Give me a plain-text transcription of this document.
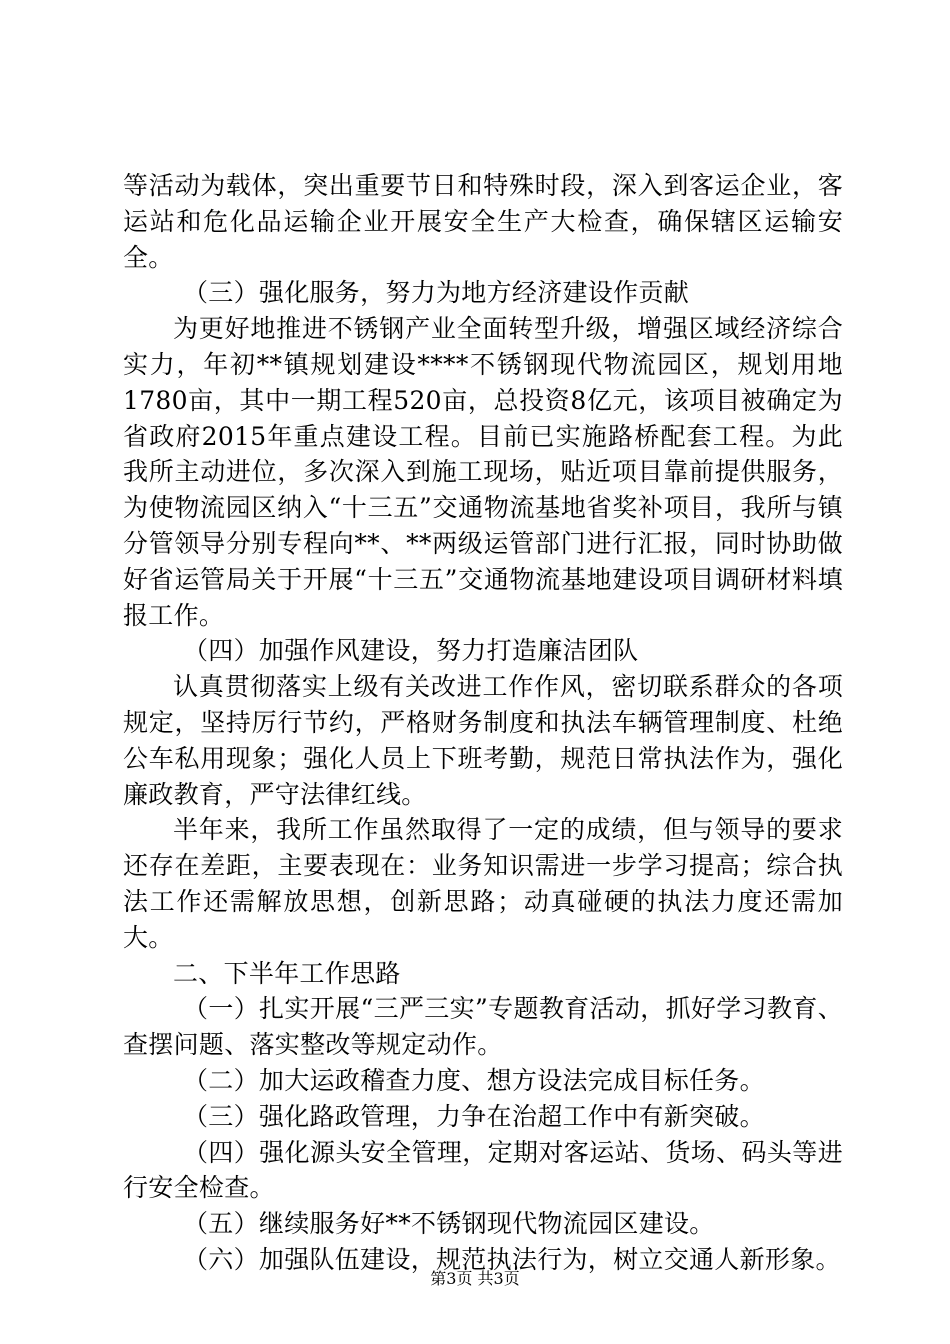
等活动为载体，突出重要节日和特殊时段，深入到客运企业，客运站和危化品运输企业开展安全生产大检查，确保辖区运输安全。

（三）强化服务，努力为地方经济建设作贡献

为更好地推进不锈钢产业全面转型升级，增强区域经济综合实力，年初**镇规划建设****不锈钢现代物流园区，规划用地1780亩，其中一期工程520亩，总投资8亿元，该项目被确定为省政府2015年重点建设工程。目前已实施路桥配套工程。为此我所主动进位，多次深入到施工现场，贴近项目靠前提供服务，为使物流园区纳入“十三五”交通物流基地省奖补项目，我所与镇分管领导分别专程向**、**两级运管部门进行汇报，同时协助做好省运管局关于开展“十三五”交通物流基地建设项目调研材料填报工作。

（四）加强作风建设，努力打造廉洁团队

认真贯彻落实上级有关改进工作作风，密切联系群众的各项规定，坚持厉行节约，严格财务制度和执法车辆管理制度、杜绝公车私用现象；强化人员上下班考勤，规范日常执法作为，强化廉政教育，严守法律红线。

半年来，我所工作虽然取得了一定的成绩，但与领导的要求还存在差距，主要表现在：业务知识需进一步学习提高；综合执法工作还需解放思想，创新思路；动真碰硬的执法力度还需加大。

二、下半年工作思路

（一）扎实开展“三严三实”专题教育活动，抓好学习教育、查摆问题、落实整改等规定动作。

（二）加大运政稽查力度、想方设法完成目标任务。

（三）强化路政管理，力争在治超工作中有新突破。

（四）强化源头安全管理，定期对客运站、货场、码头等进行安全检查。

（五）继续服务好**不锈钢现代物流园区建设。

（六）加强队伍建设，规范执法行为，树立交通人新形象。

第3页 共3页
